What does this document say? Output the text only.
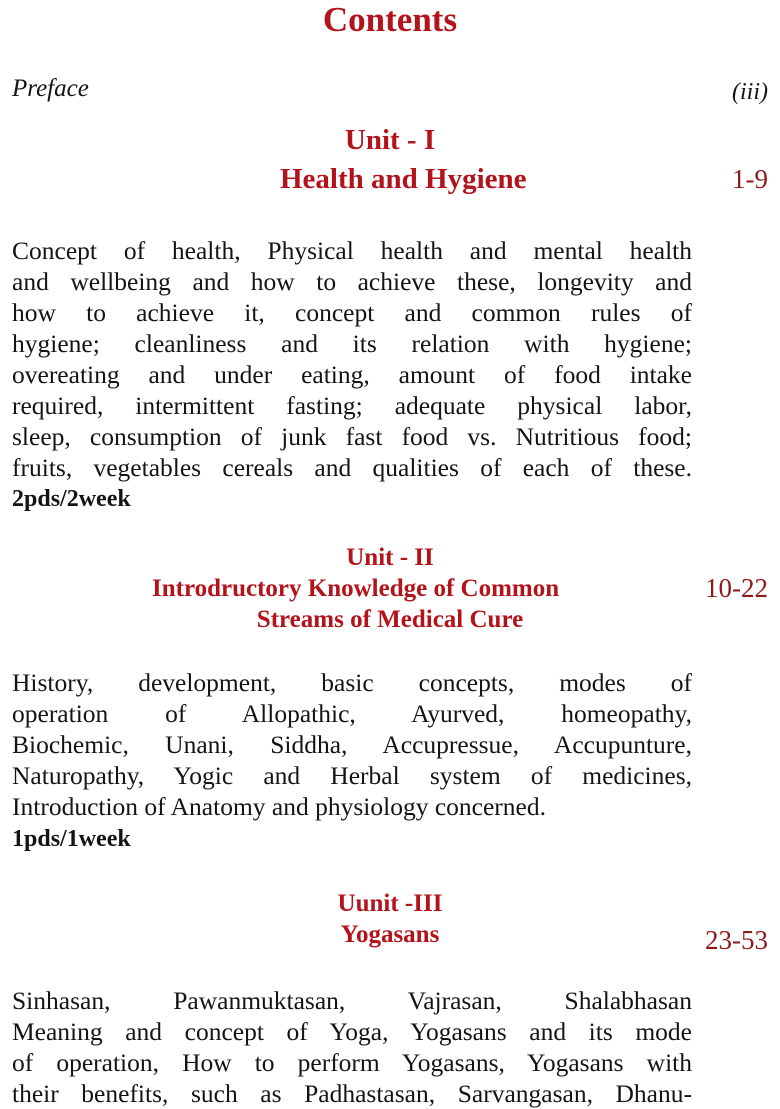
Contents
Preface	(iii)
Unit - I
Health and Hygiene	1-9
Concept of health, Physical health and mental health
and wellbeing and how to achieve these, longevity and
how to achieve it, concept and common rules of
hygiene; cleanliness and its relation with hygiene;
overeating and under eating, amount of food intake
required, intermittent fasting; adequate physical labor,
sleep, consumption of junk fast food vs. Nutritious food;
fruits, vegetables cereals and qualities of each of these.
2pds/2week
Unit - II
Introdructory Knowledge of Common
Streams of Medical Cure
10-22
History, development, basic concepts, modes of
operation of Allopathic, Ayurved, homeopathy,
Biochemic, Unani, Siddha, Accupressue, Accupunture,
Naturopathy, Yogic and Herbal system of medicines,
Introduction of Anatomy and physiology concerned.
1pds/1week
Uunit -III
Yogasans	23-53
Sinhasan, Pawanmuktasan, Vajrasan, Shalabhasan
Meaning and concept of Yoga, Yogasans and its mode
of operation, How to perform Yogasans, Yogasans with
their benefits, such as Padhastasan, Sarvangasan, Dhanu-
